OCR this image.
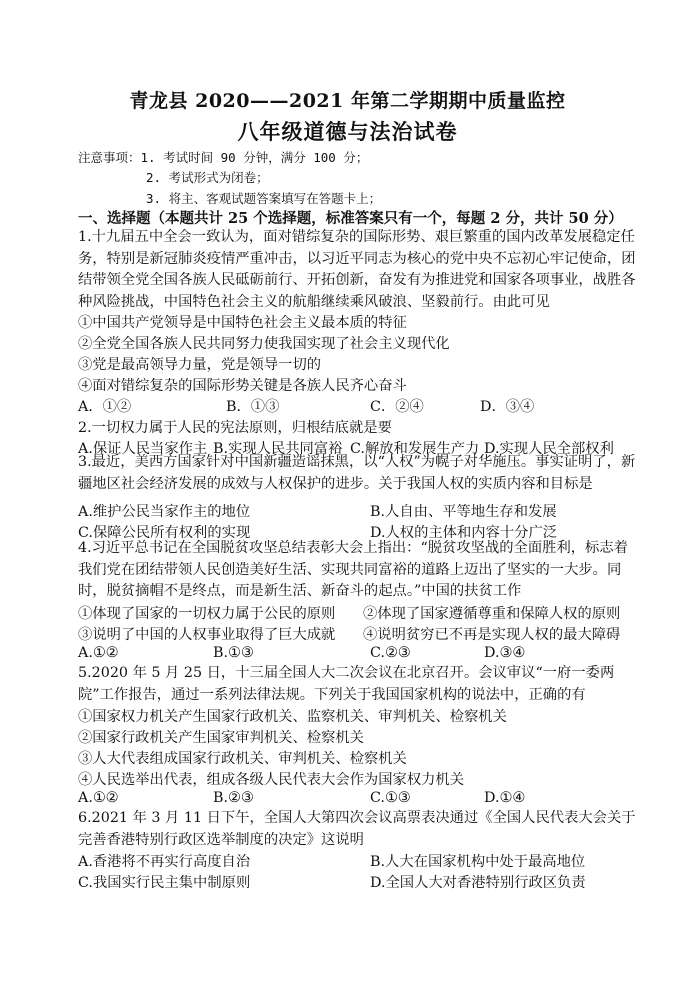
青龙县 2020——2021 年第二学期期中质量监控
八年级道德与法治试卷
注意事项：1. 考试时间 90 分钟，满分 100 分；
2. 考试形式为闭卷；
3. 将主、客观试题答案填写在答题卡上；
一、选择题（本题共计 25 个选择题，标准答案只有一个，每题 2 分，共计 50 分）
1.十九届五中全会一致认为，面对错综复杂的国际形势、艰巨繁重的国内改革发展稳定任务，特别是新冠肺炎疫情严重冲击，以习近平同志为核心的党中央不忘初心牢记使命，团结带领全党全国各族人民砥砺前行、开拓创新，奋发有为推进党和国家各项事业，战胜各种风险挑战，中国特色社会主义的航船继续乘风破浪、坚毅前行。由此可见
①中国共产党领导是中国特色社会主义最本质的特征
②全党全国各族人民共同努力使我国实现了社会主义现代化
③党是最高领导力量，党是领导一切的
④面对错综复杂的国际形势关键是各族人民齐心奋斗
A．①②	B．①③	C．②④	D．③④
2.一切权力属于人民的宪法原则，归根结底就是要
A.保证人民当家作主 B.实现人民共同富裕 C.解放和发展生产力 D.实现人民全部权利
3.最近，美西方国家针对中国新疆造谣抹黑，以“人权”为幌子对华施压。事实证明了，新疆地区社会经济发展的成效与人权保护的进步。关于我国人权的实质内容和目标是
A.维护公民当家作主的地位	B.人自由、平等地生存和发展
C.保障公民所有权利的实现	D.人权的主体和内容十分广泛
4.习近平总书记在全国脱贫攻坚总结表彰大会上指出：“脱贫攻坚战的全面胜利，标志着我们党在团结带领人民创造美好生活、实现共同富裕的道路上迈出了坚实的一大步。同时，脱贫摘帽不是终点，而是新生活、新奋斗的起点。”中国的扶贫工作
①体现了国家的一切权力属于公民的原则 ②体现了国家遵循尊重和保障人权的原则
③说明了中国的人权事业取得了巨大成就 ④说明贫穷已不再是实现人权的最大障碍
A.①②	B.①③	C.②③	D.③④
5.2020 年 5 月 25 日，十三届全国人大二次会议在北京召开。会议审议“一府一委两院”工作报告，通过一系列法律法规。下列关于我国国家机构的说法中，正确的有
①国家权力机关产生国家行政机关、监察机关、审判机关、检察机关
②国家行政机关产生国家审判机关、检察机关
③人大代表组成国家行政机关、审判机关、检察机关
④人民选举出代表，组成各级人民代表大会作为国家权力机关
A.①②	B.②③	C.①③	D.①④
6.2021 年 3 月 11 日下午，全国人大第四次会议高票表决通过《全国人民代表大会关于完善香港特别行政区选举制度的决定》这说明
A.香港将不再实行高度自治	B.人大在国家机构中处于最高地位
C.我国实行民主集中制原则	D.全国人大对香港特别行政区负责
